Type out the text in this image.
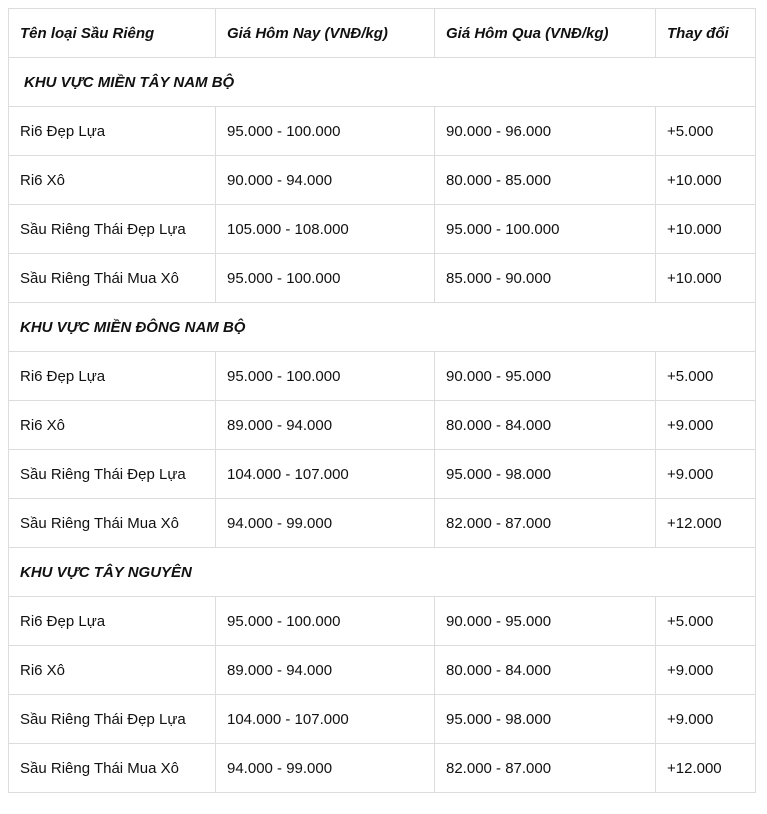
Tên loại Sầu Riêng	Giá Hôm Nay (VNĐ/kg)	Giá Hôm Qua (VNĐ/kg)	Thay đổi
KHU VỰC MIỀN TÂY NAM BỘ			
Ri6 Đẹp Lựa	95.000 - 100.000	90.000 - 96.000	+5.000
Ri6 Xô	90.000 - 94.000	80.000 - 85.000	+10.000
Sầu Riêng Thái Đẹp Lựa	105.000 - 108.000	95.000 - 100.000	+10.000
Sầu Riêng Thái Mua Xô	95.000 - 100.000	85.000 - 90.000	+10.000
KHU VỰC MIỀN ĐÔNG NAM BỘ			
Ri6 Đẹp Lựa	95.000 - 100.000	90.000 - 95.000	+5.000
Ri6 Xô	89.000 - 94.000	80.000 - 84.000	+9.000
Sầu Riêng Thái Đẹp Lựa	104.000 - 107.000	95.000 - 98.000	+9.000
Sầu Riêng Thái Mua Xô	94.000 - 99.000	82.000 - 87.000	+12.000
KHU VỰC TÂY NGUYÊN			
Ri6 Đẹp Lựa	95.000 - 100.000	90.000 - 95.000	+5.000
Ri6 Xô	89.000 - 94.000	80.000 - 84.000	+9.000
Sầu Riêng Thái Đẹp Lựa	104.000 - 107.000	95.000 - 98.000	+9.000
Sầu Riêng Thái Mua Xô	94.000 - 99.000	82.000 - 87.000	+12.000
